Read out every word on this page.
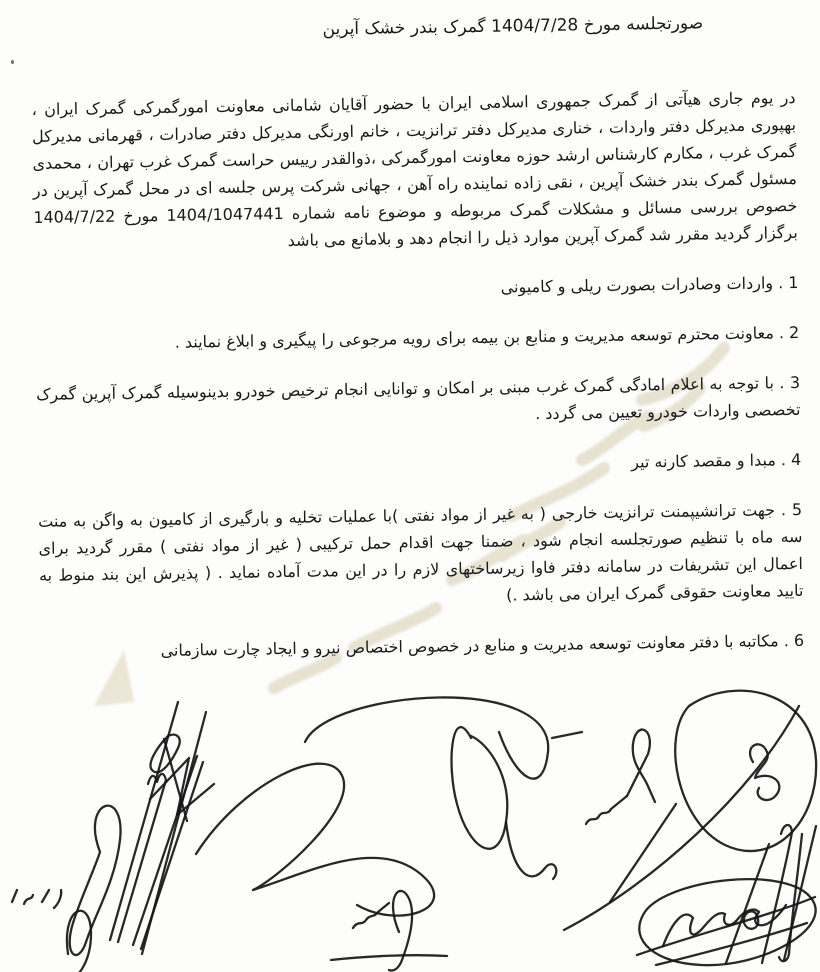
صورتجلسه مورخ 1404/7/28 گمرک بندر خشک آپرین

در یوم جاری هیآتی از گمرک جمهوری اسلامی ایران با حضور آقایان شامانی معاونت امورگمرکی گمرک ایران ، بهپوری مدیرکل دفتر واردات ، خناری مدیرکل دفتر ترانزیت ، خانم اورنگی مدیرکل دفتر صادرات ، قهرمانی مدیرکل گمرک غرب ، مکارم کارشناس ارشد حوزه معاونت امورگمرکی ،ذوالقدر رییس حراست گمرک غرب تهران ، محمدی مسئول گمرک بندر خشک آپرین ، نقی زاده نماینده راه آهن ، جهانی شرکت پرس جلسه ای در محل گمرک آپرین در خصوص بررسی مسائل و مشکلات گمرک مربوطه و موضوع نامه شماره 1404/1047441 مورخ 1404/7/22 برگزار گردید مقرر شد گمرک آپرین موارد ذیل را انجام دهد و بلامانع می باشد

1 . واردات وصادرات بصورت ریلی و کامیونی

2 . معاونت محترم توسعه مدیریت و منابع بن بیمه برای رویه مرجوعی را پیگیری و ابلاغ نمایند .

3 . با توجه به اعلام امادگی گمرک غرب مبنی بر امکان و توانایی انجام ترخیص خودرو بدینوسیله گمرک آپرین گمرک تخصصی واردات خودرو تعیین می گردد .

4 . مبدا و مقصد کارنه تیر

5 . جهت ترانشیپمنت ترانزیت خارجی ( به غیر از مواد نفتی )با عملیات تخلیه و بارگیری از کامیون به واگن به منت سه ماه با تنظیم صورتجلسه انجام شود ، ضمنا جهت اقدام حمل ترکیبی ( غیر از مواد نفتی ) مقرر گردید برای اعمال این تشریفات در سامانه دفتر فاوا زیرساختهای لازم را در این مدت آماده نماید . ( پذیرش این بند منوط به تایید معاونت حقوقی گمرک ایران می باشد .)

6 . مکاتبه با دفتر معاونت توسعه مدیریت و منابع در خصوص اختصاص نیرو و ایجاد چارت سازمانی
